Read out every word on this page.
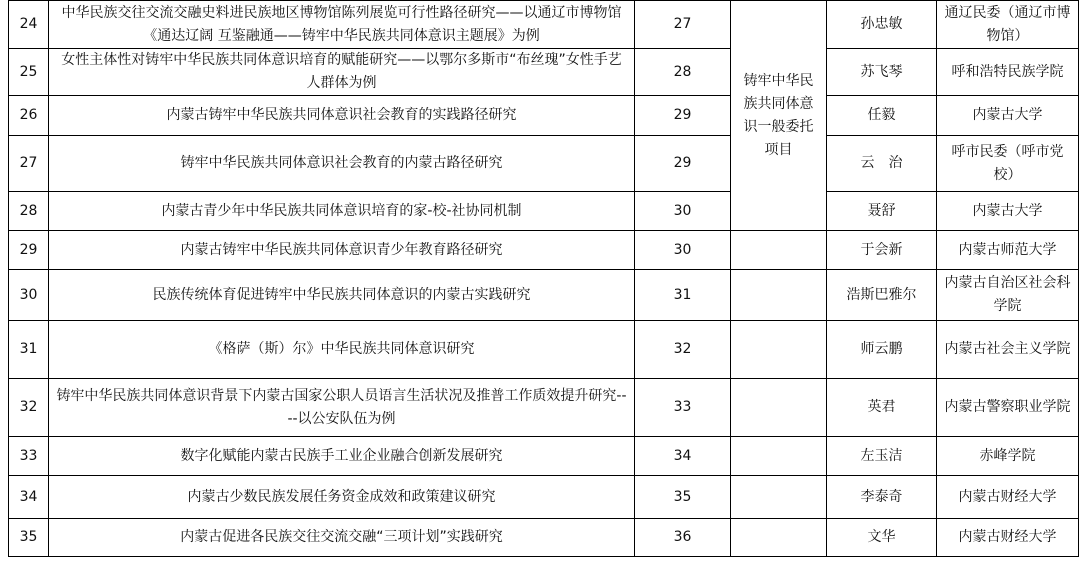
24	中华民族交往交流交融史料进民族地区博物馆陈列展览可行性路径研究——以通辽市博物馆《通达辽阔 互鉴融通——铸牢中华民族共同体意识主题展》为例	27	铸牢中华民族共同体意识一般委托项目	孙忠敏	通辽民委（通辽市博物馆）
25	女性主体性对铸牢中华民族共同体意识培育的赋能研究——以鄂尔多斯市“布丝瑰”女性手艺人群体为例	28		苏飞琴	呼和浩特民族学院
26	内蒙古铸牢中华民族共同体意识社会教育的实践路径研究	29		任毅	内蒙古大学
27	铸牢中华民族共同体意识社会教育的内蒙古路径研究	29		云　治	呼市民委（呼市党校）
28	内蒙古青少年中华民族共同体意识培育的家-校-社协同机制	30		聂舒	内蒙古大学
29	内蒙古铸牢中华民族共同体意识青少年教育路径研究	30		于会新	内蒙古师范大学
30	民族传统体育促进铸牢中华民族共同体意识的内蒙古实践研究	31		浩斯巴雅尔	内蒙古自治区社会科学院
31	《格萨（斯）尔》中华民族共同体意识研究	32		师云鹏	内蒙古社会主义学院
32	铸牢中华民族共同体意识背景下内蒙古国家公职人员语言生活状况及推普工作质效提升研究----以公安队伍为例	33		英君	内蒙古警察职业学院
33	数字化赋能内蒙古民族手工业企业融合创新发展研究	34		左玉洁	赤峰学院
34	内蒙古少数民族发展任务资金成效和政策建议研究	35		李泰奇	内蒙古财经大学
35	内蒙古促进各民族交往交流交融“三项计划”实践研究	36		文华	内蒙古财经大学
